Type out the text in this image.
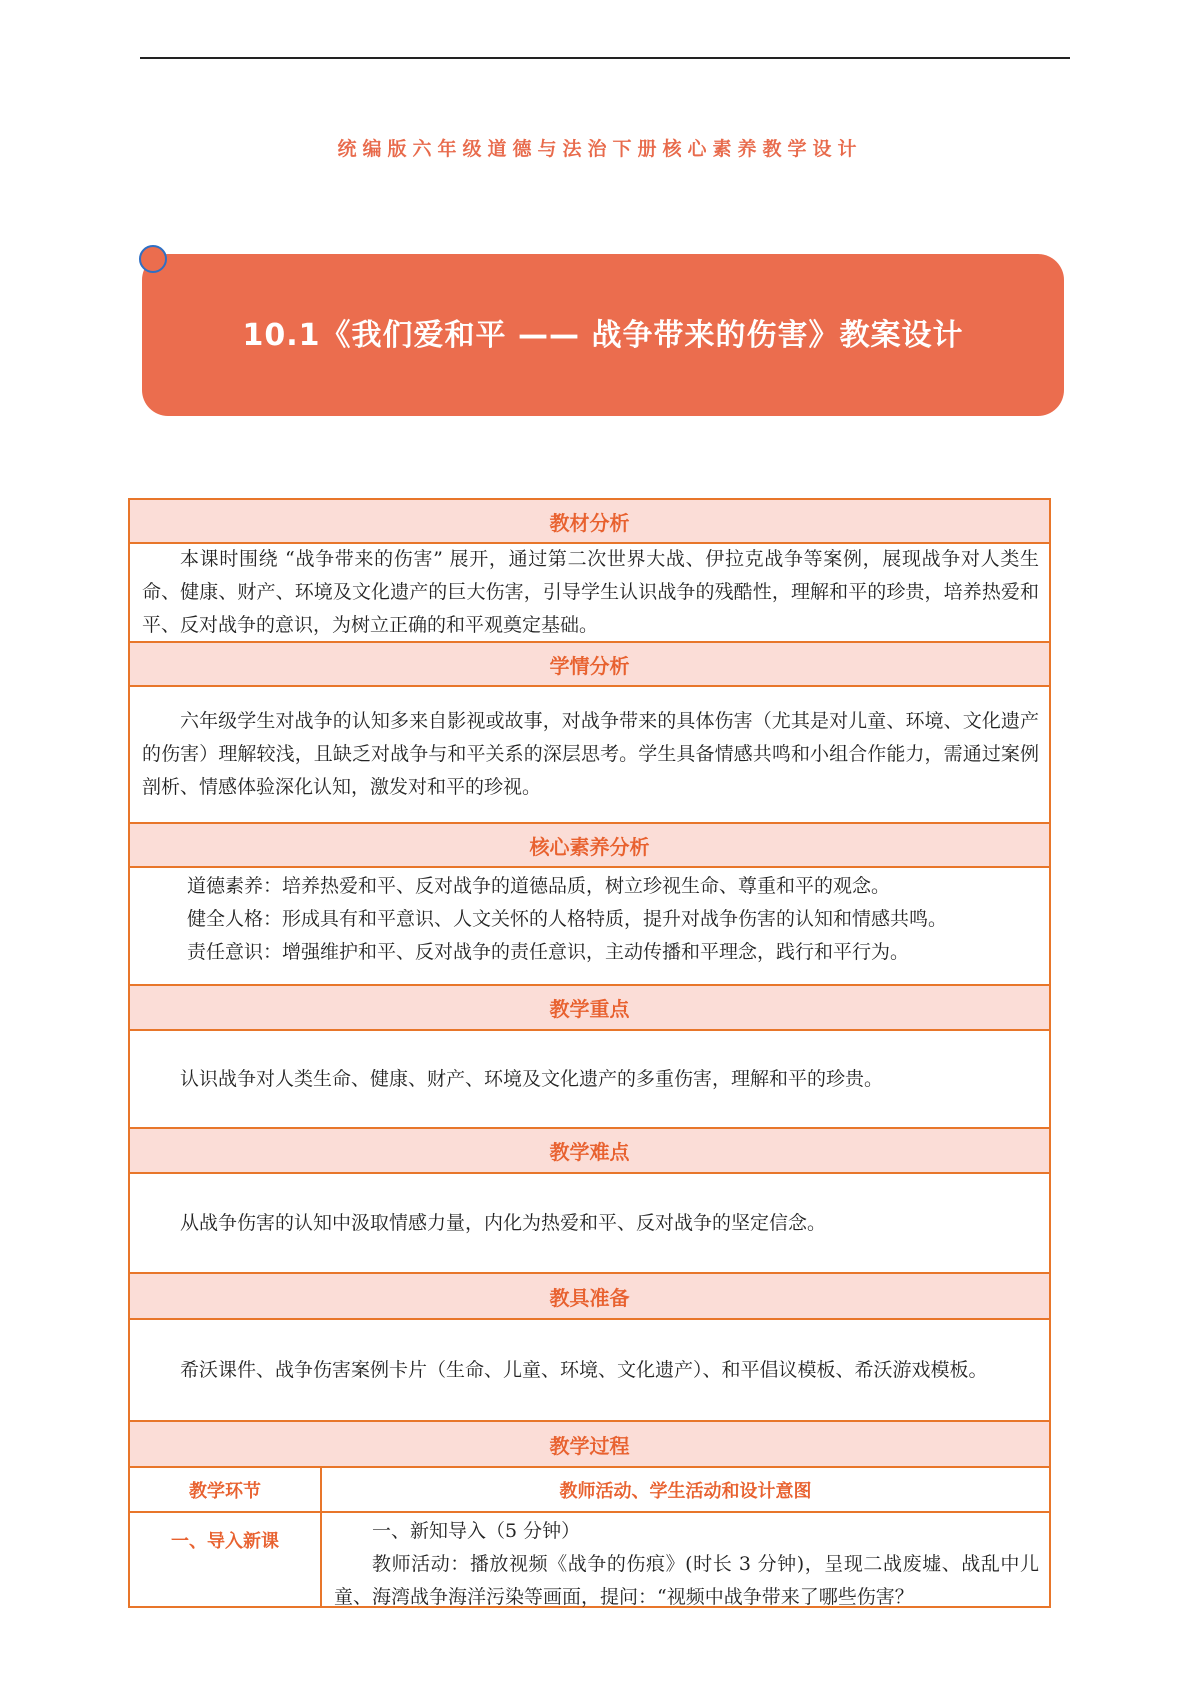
统编版六年级道德与法治下册核心素养教学设计
10.1《我们爱和平 —— 战争带来的伤害》教案设计
教材分析

本课时围绕 “战争带来的伤害” 展开，通过第二次世界大战、伊拉克战争等案例，展现战争对人类生命、健康、财产、环境及文化遗产的巨大伤害，引导学生认识战争的残酷性，理解和平的珍贵，培养热爱和平、反对战争的意识，为树立正确的和平观奠定基础。

学情分析

六年级学生对战争的认知多来自影视或故事，对战争带来的具体伤害（尤其是对儿童、环境、文化遗产的伤害）理解较浅，且缺乏对战争与和平关系的深层思考。学生具备情感共鸣和小组合作能力，需通过案例剖析、情感体验深化认知，激发对和平的珍视。

核心素养分析

道德素养：培养热爱和平、反对战争的道德品质，树立珍视生命、尊重和平的观念。

健全人格：形成具有和平意识、人文关怀的人格特质，提升对战争伤害的认知和情感共鸣。

责任意识：增强维护和平、反对战争的责任意识，主动传播和平理念，践行和平行为。

教学重点

认识战争对人类生命、健康、财产、环境及文化遗产的多重伤害，理解和平的珍贵。

教学难点

从战争伤害的认知中汲取情感力量，内化为热爱和平、反对战争的坚定信念。

教具准备

希沃课件、战争伤害案例卡片（生命、儿童、环境、文化遗产）、和平倡议模板、希沃游戏模板。

教学过程
教学环节	教师活动、学生活动和设计意图
一、导入新课	一、新知导入（5 分钟）

教师活动：播放视频《战争的伤痕》(时长 3 分钟)，呈现二战废墟、战乱中儿童、海湾战争海洋污染等画面，提问：“视频中战争带来了哪些伤害？
